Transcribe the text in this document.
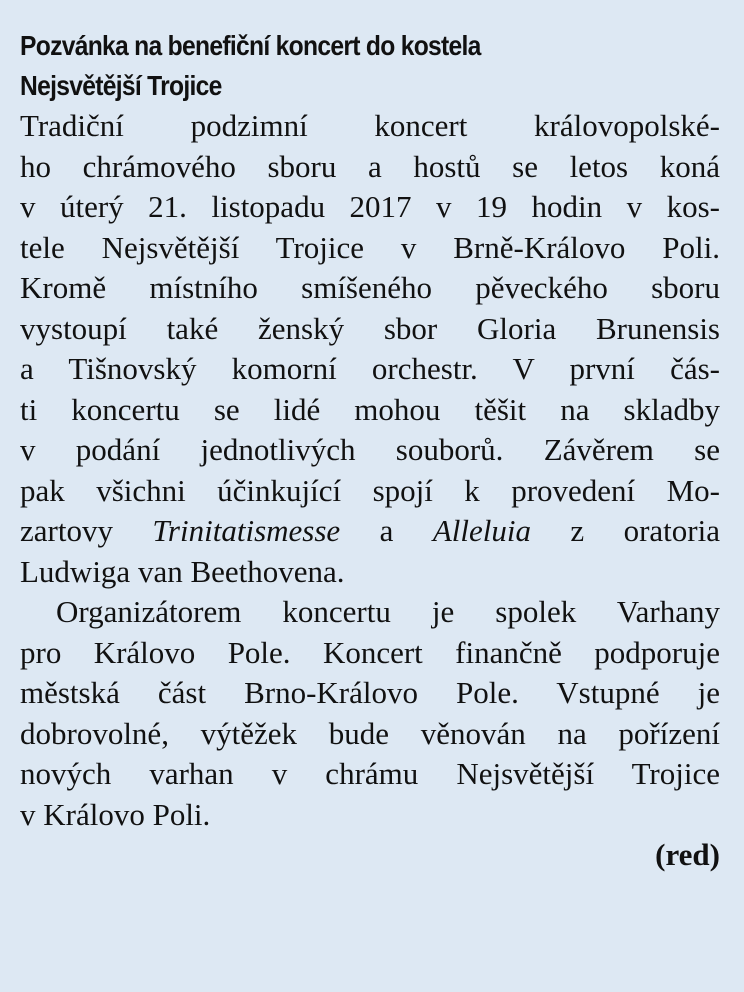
Pozvánka na benefiční koncert do kostela
Nejsvětější Trojice
Tradiční podzimní koncert královopolské-
ho chrámového sboru a hostů se letos koná
v úterý 21. listopadu 2017 v 19 hodin v kos-
tele Nejsvětější Trojice v Brně-Královo Poli.
Kromě místního smíšeného pěveckého sboru
vystoupí také ženský sbor Gloria Brunensis
a Tišnovský komorní orchestr. V první čás-
ti koncertu se lidé mohou těšit na skladby
v podání jednotlivých souborů. Závěrem se
pak všichni účinkující spojí k provedení Mo-
zartovy Trinitatismesse a Alleluia z oratoria
Ludwiga van Beethovena.
Organizátorem koncertu je spolek Varhany
pro Královo Pole. Koncert finančně podporuje
městská část Brno-Královo Pole. Vstupné je
dobrovolné, výtěžek bude věnován na pořízení
nových varhan v chrámu Nejsvětější Trojice
v Královo Poli.
(red)
